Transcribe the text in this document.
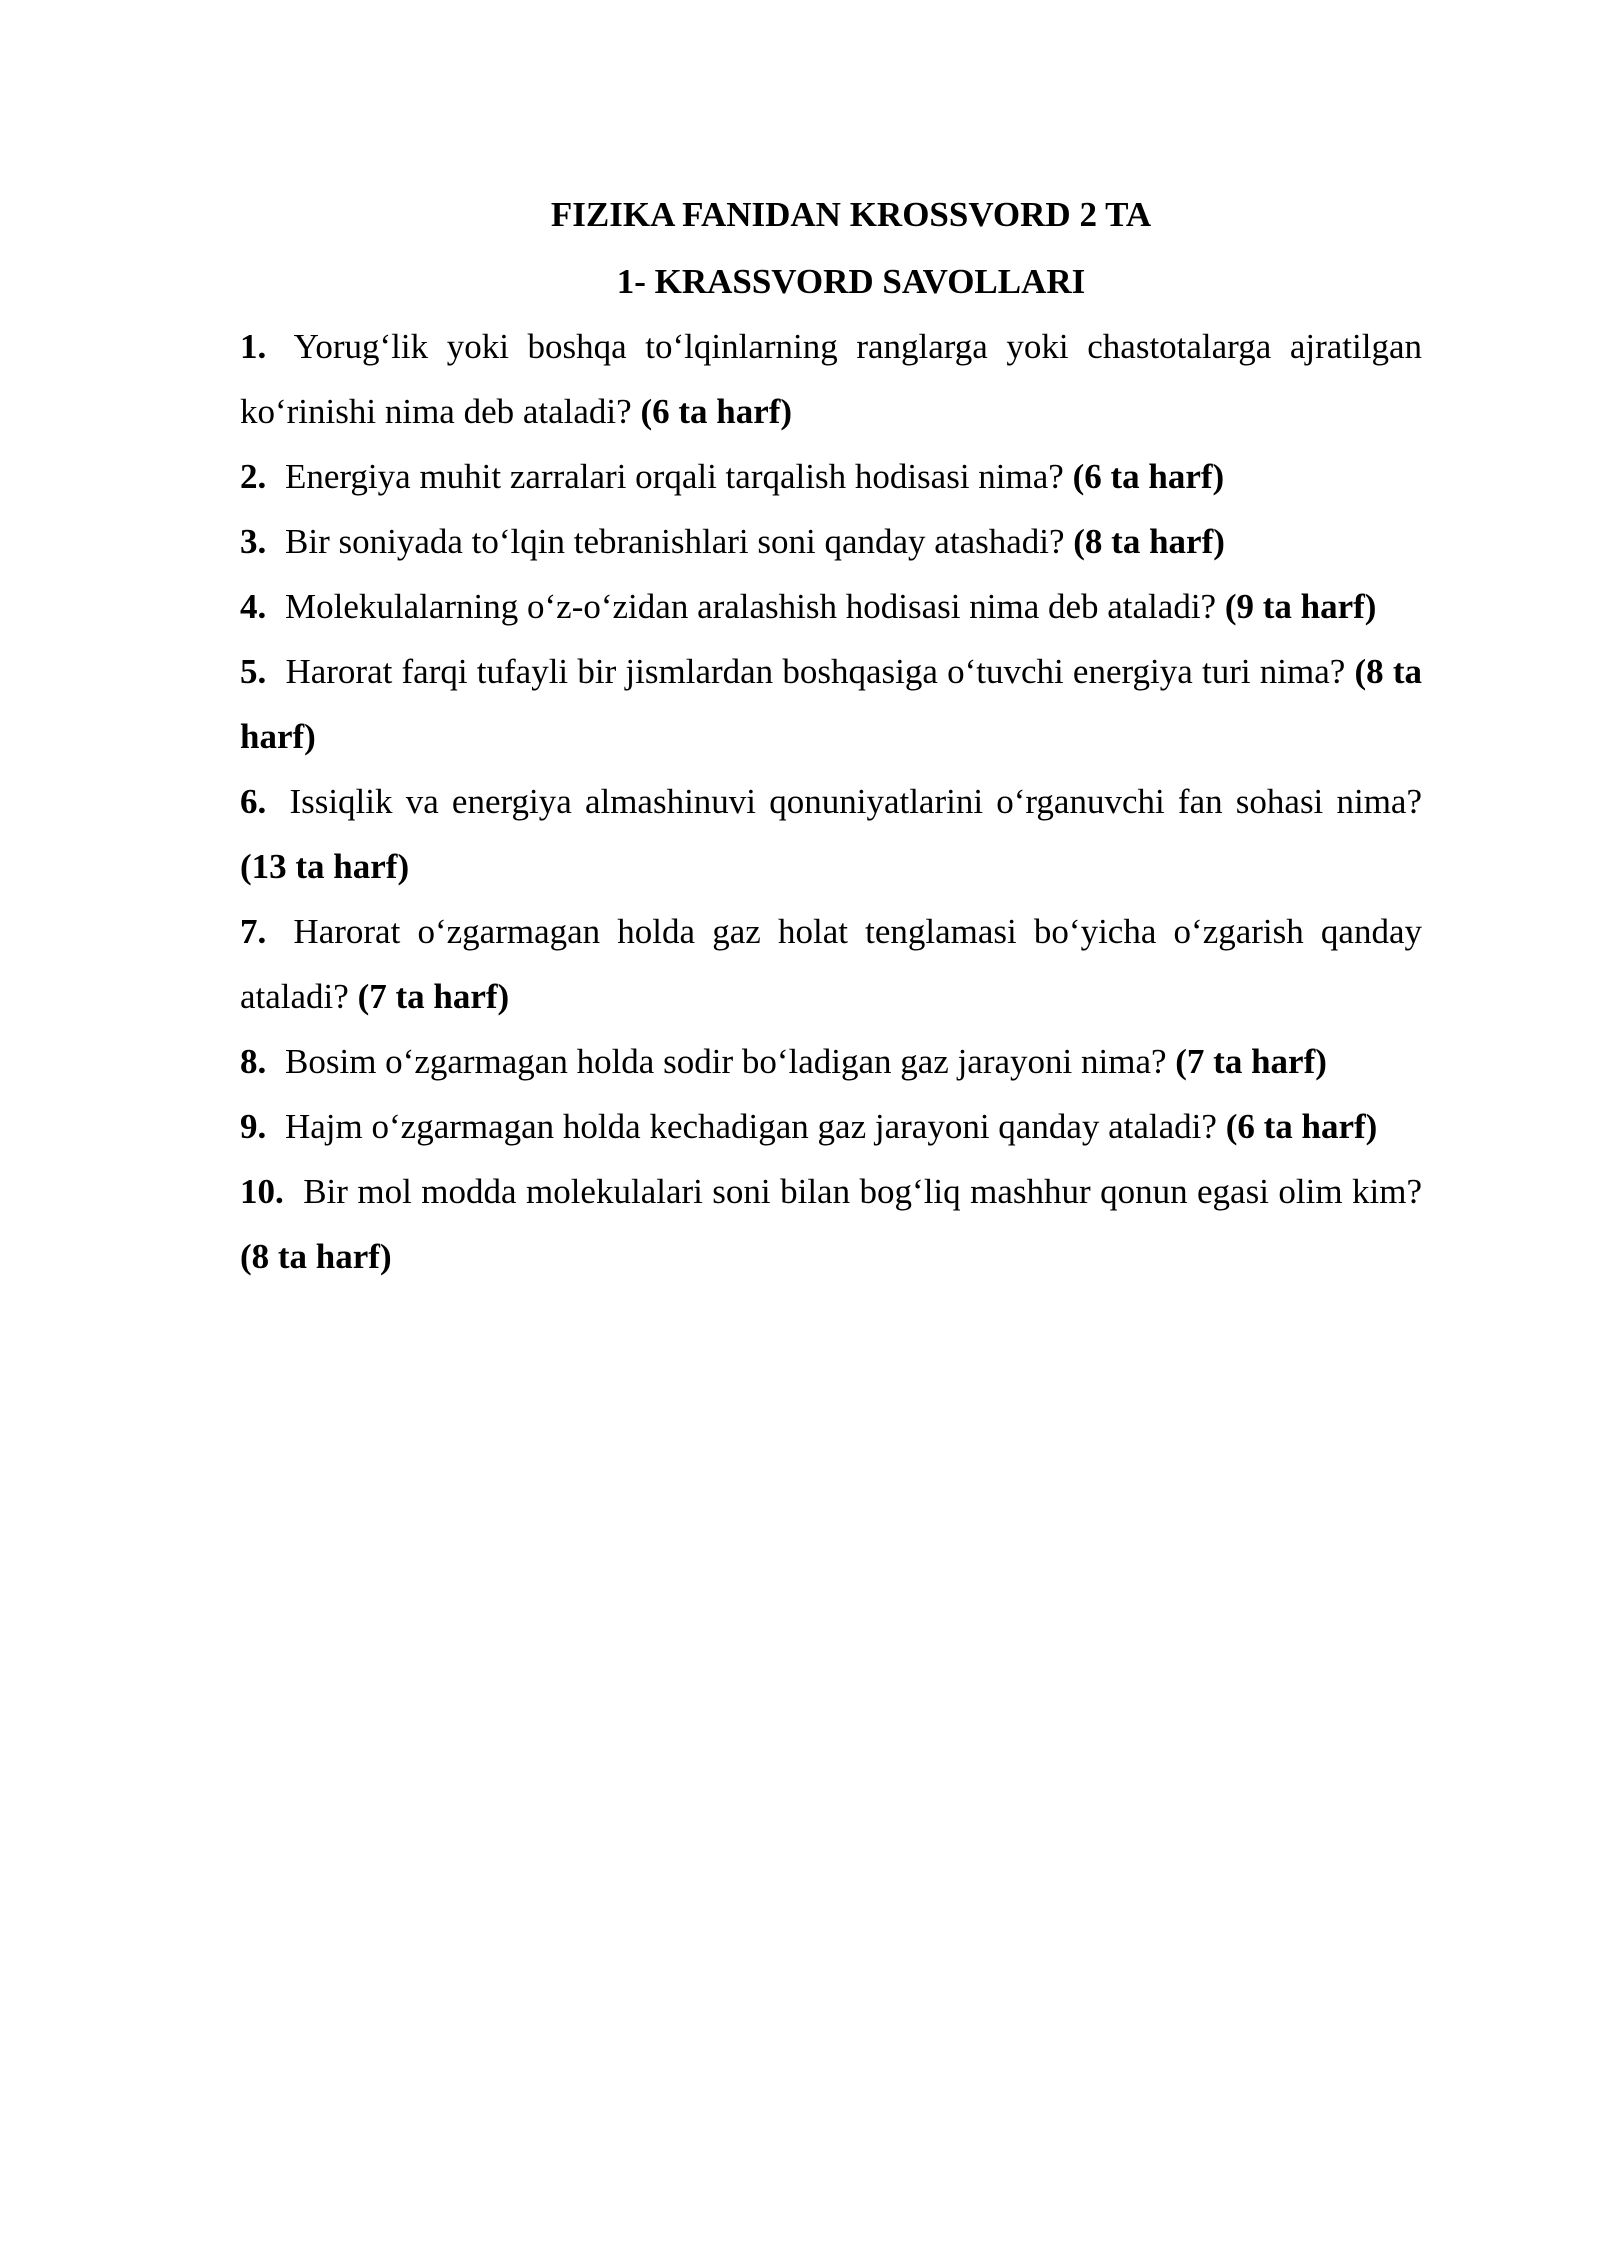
FIZIKA FANIDAN KROSSVORD 2 TA

1- KRASSVORD SAVOLLARI

1. Yorug‘lik yoki boshqa to‘lqinlarning ranglarga yoki chastotalarga ajratilgan ko‘rinishi nima deb ataladi? (6 ta harf)

2. Energiya muhit zarralari orqali tarqalish hodisasi nima? (6 ta harf)

3. Bir soniyada to‘lqin tebranishlari soni qanday atashadi? (8 ta harf)

4. Molekulalarning o‘z-o‘zidan aralashish hodisasi nima deb ataladi? (9 ta harf)

5. Harorat farqi tufayli bir jismlardan boshqasiga o‘tuvchi energiya turi nima? (8 ta harf)

6. Issiqlik va energiya almashinuvi qonuniyatlarini o‘rganuvchi fan sohasi nima? (13 ta harf)

7. Harorat o‘zgarmagan holda gaz holat tenglamasi bo‘yicha o‘zgarish qanday ataladi? (7 ta harf)

8. Bosim o‘zgarmagan holda sodir bo‘ladigan gaz jarayoni nima? (7 ta harf)

9. Hajm o‘zgarmagan holda kechadigan gaz jarayoni qanday ataladi? (6 ta harf)

10. Bir mol modda molekulalari soni bilan bog‘liq mashhur qonun egasi olim kim? (8 ta harf)
